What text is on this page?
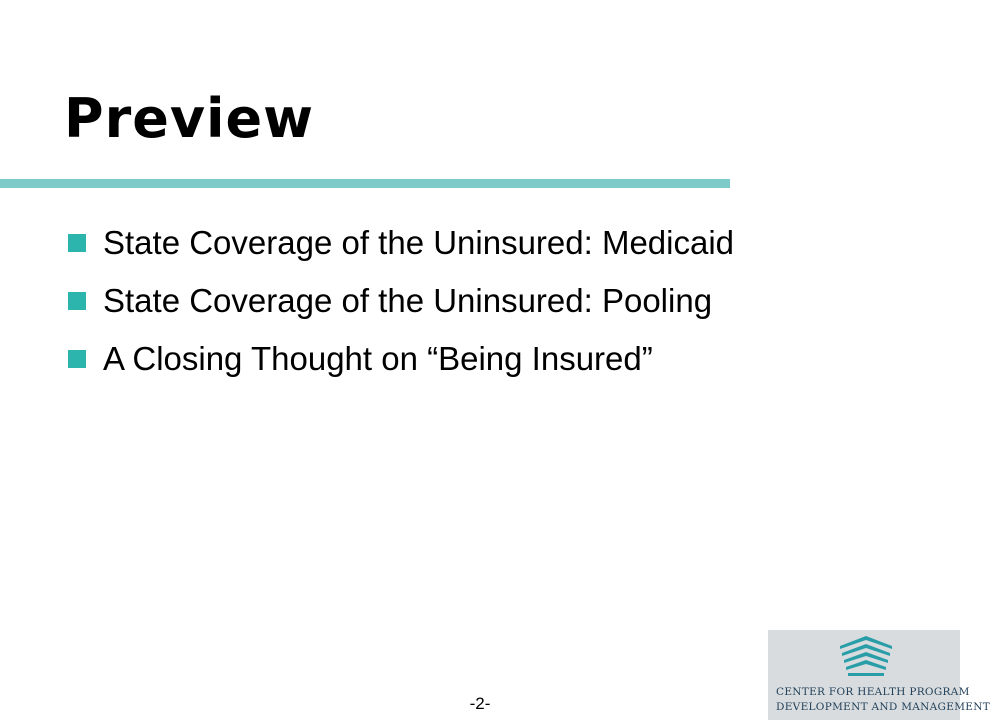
Preview
State Coverage of the Uninsured: Medicaid
State Coverage of the Uninsured: Pooling
A Closing Thought on “Being Insured”
-2-
CENTER FOR HEALTH PROGRAM
DEVELOPMENT AND MANAGEMENT
